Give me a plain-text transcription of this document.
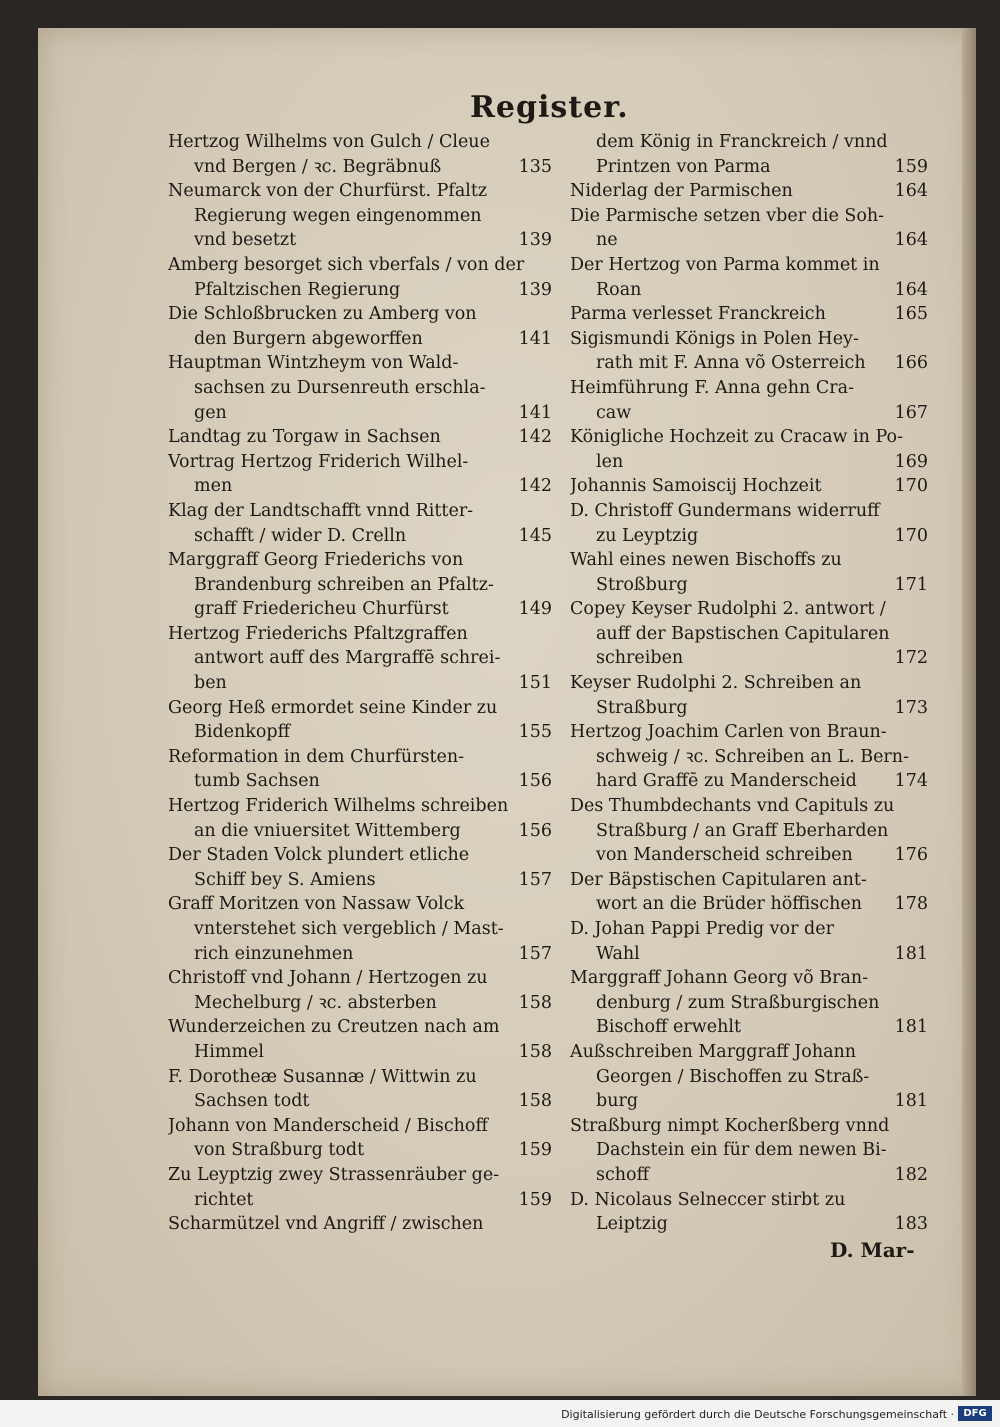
Register.
Hertzog Wilhelms von Gulch / Cleue
vnd Bergen / ꝛc. Begräbnuß	135
Neumarck von der Churfürst. Pfaltz
Regierung wegen eingenommen
vnd besetzt	139
Amberg besorget sich vberfals / von der
Pfaltzischen Regierung	139
Die Schloßbrucken zu Amberg von
den Burgern abgeworffen	141
Hauptman Wintzheym von Wald-
sachsen zu Dursenreuth erschla-
gen	141
Landtag zu Torgaw in Sachsen	142
Vortrag Hertzog Friderich Wilhel-
men	142
Klag der Landtschafft vnnd Ritter-
schafft / wider D. Crelln	145
Marggraff Georg Friederichs von
Brandenburg schreiben an Pfaltz-
graff Friedericheu Churfürst	149
Hertzog Friederichs Pfaltzgraffen
antwort auff des Margraffē schrei-
ben	151
Georg Heß ermordet seine Kinder zu
Bidenkopff	155
Reformation in dem Churfürsten-
tumb Sachsen	156
Hertzog Friderich Wilhelms schreiben
an die vniuersitet Wittemberg	156
Der Staden Volck plundert etliche
Schiff bey S. Amiens	157
Graff Moritzen von Nassaw Volck
vnterstehet sich vergeblich / Mast-
rich einzunehmen	157
Christoff vnd Johann / Hertzogen zu
Mechelburg / ꝛc. absterben	158
Wunderzeichen zu Creutzen nach am
Himmel	158
F. Dorotheæ Susannæ / Wittwin zu
Sachsen todt	158
Johann von Manderscheid / Bischoff
von Straßburg todt	159
Zu Leyptzig zwey Strassenräuber ge-
richtet	159
Scharmützel vnd Angriff / zwischen
dem König in Franckreich / vnnd
Printzen von Parma	159
Niderlag der Parmischen	164
Die Parmische setzen vber die Soh-
ne	164
Der Hertzog von Parma kommet in
Roan	164
Parma verlesset Franckreich	165
Sigismundi Königs in Polen Hey-
rath mit F. Anna võ Osterreich 166
Heimführung F. Anna gehn Cra-
caw	167
Königliche Hochzeit zu Cracaw in Po-
len	169
Johannis Samoiscij Hochzeit	170
D. Christoff Gundermans widerruff
zu Leyptzig	170
Wahl eines newen Bischoffs zu
Stroßburg	171
Copey Keyser Rudolphi 2. antwort /
auff der Bapstischen Capitularen
schreiben	172
Keyser Rudolphi 2. Schreiben an
Straßburg	173
Hertzog Joachim Carlen von Braun-
schweig / ꝛc. Schreiben an L. Bern-
hard Graffē zu Manderscheid 174
Des Thumbdechants vnd Capituls zu
Straßburg / an Graff Eberharden
von Manderscheid schreiben 176
Der Bäpstischen Capitularen ant-
wort an die Brüder höffischen 178
D. Johan Pappi Predig vor der
Wahl	181
Marggraff Johann Georg võ Bran-
denburg / zum Straßburgischen
Bischoff erwehlt	181
Außschreiben Marggraff Johann
Georgen / Bischoffen zu Straß-
burg	181
Straßburg nimpt Kocherßberg vnnd
Dachstein ein für dem newen Bi-
schoff	182
D. Nicolaus Selneccer stirbt zu
Leiptzig	183
D. Mar-
Digitalisierung gefördert durch die Deutsche Forschungsgemeinschaft · DFG
